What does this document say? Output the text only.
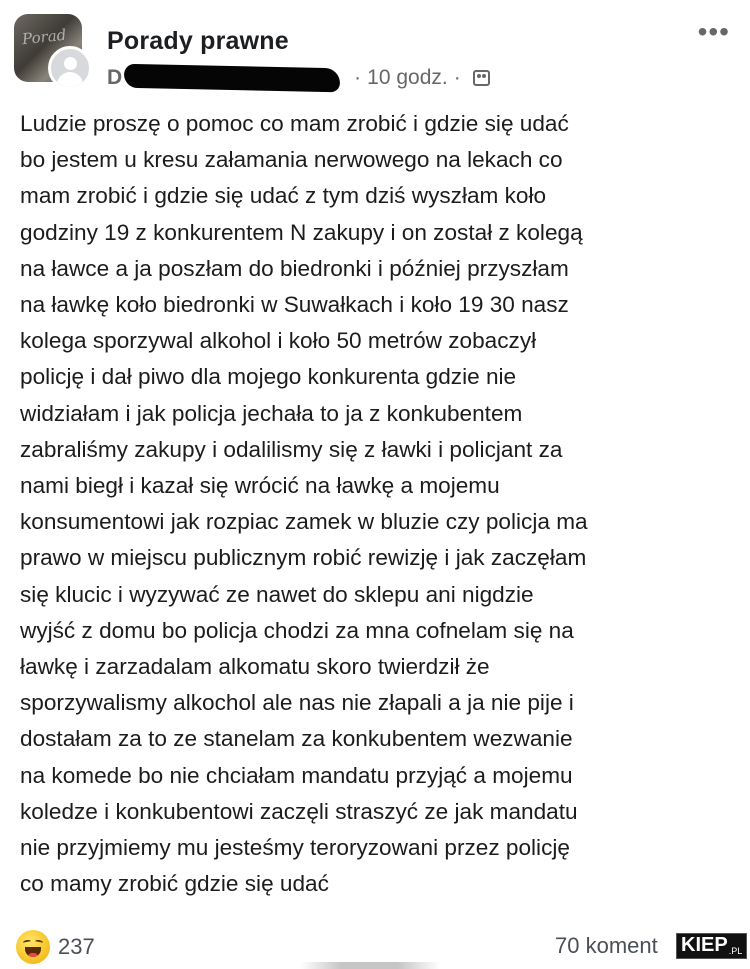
Porad Porady prawne
D	· 10 godz. ·
•••
Ludzie proszę o pomoc co mam zrobić i gdzie się udać
bo jestem u kresu załamania nerwowego na lekach co
mam zrobić i gdzie się udać z tym dziś wyszłam koło
godziny 19 z konkurentem N zakupy i on został z kolegą
na ławce a ja poszłam do biedronki i później przyszłam
na ławkę koło biedronki w Suwałkach i koło 19 30 nasz
kolega sporzywal alkohol i koło 50 metrów zobaczył
policję i dał piwo dla mojego konkurenta gdzie nie
widziałam i jak policja jechała to ja z konkubentem
zabraliśmy zakupy i odalilismy się z ławki i policjant za
nami biegł i kazał się wrócić na ławkę a mojemu
konsumentowi jak rozpiac zamek w bluzie czy policja ma
prawo w miejscu publicznym robić rewizję i jak zaczęłam
się klucic i wyzywać ze nawet do sklepu ani nigdzie
wyjść z domu bo policja chodzi za mna cofnelam się na
ławkę i zarzadalam alkomatu skoro twierdził że
sporzywalismy alkochol ale nas nie złapali a ja nie pije i
dostałam za to ze stanelam za konkubentem wezwanie
na komede bo nie chciałam mandatu przyjąć a mojemu
koledze i konkubentowi zaczęli straszyć ze jak mandatu
nie przyjmiemy mu jesteśmy teroryzowani przez policję
co mamy zrobić gdzie się udać
237	70 koment KIEP .PL
